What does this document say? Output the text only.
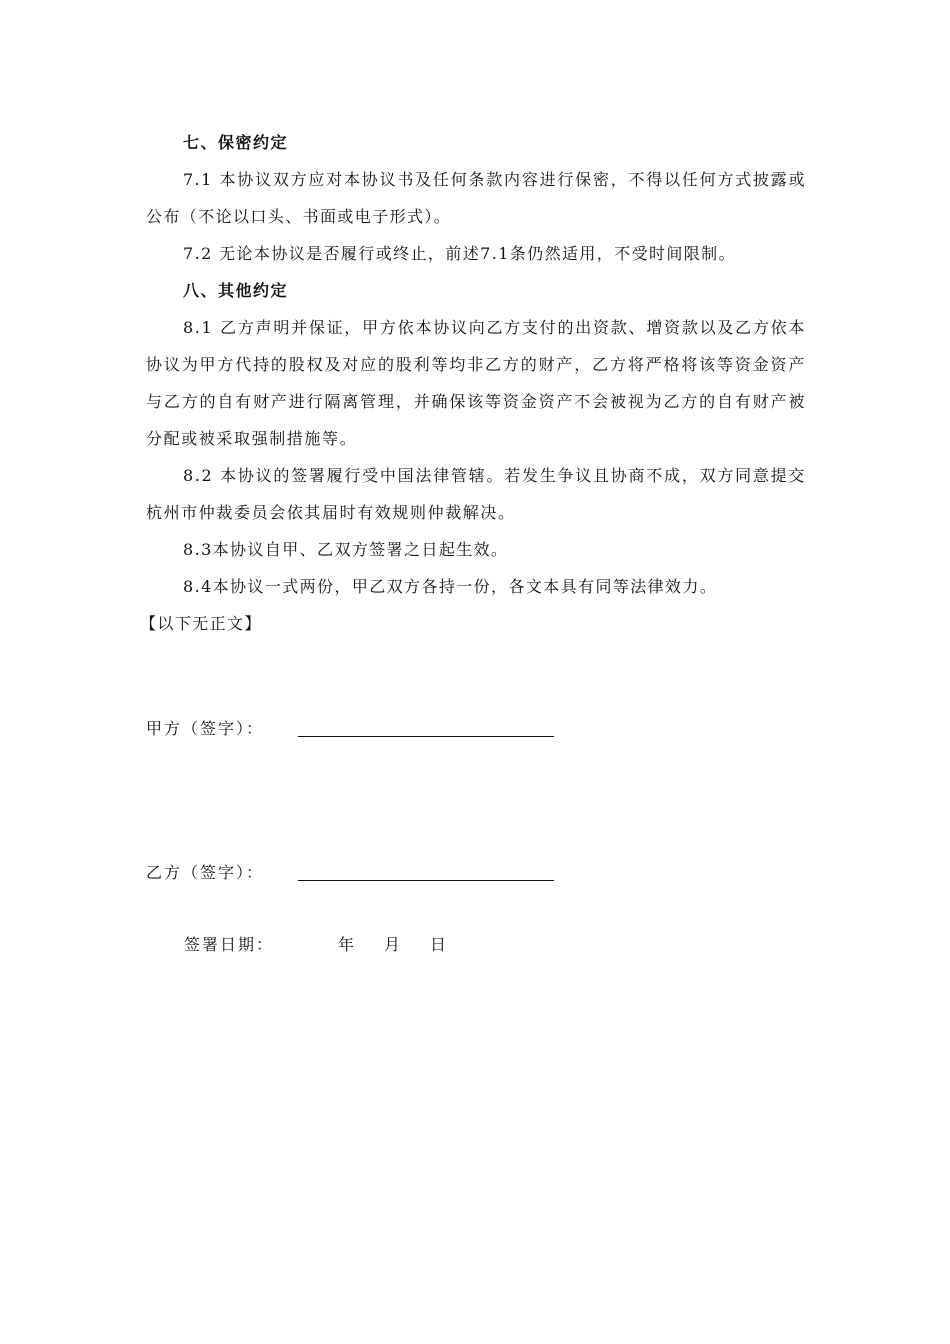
七、保密约定

7.1 本协议双方应对本协议书及任何条款内容进行保密，不得以任何方式披露或公布（不论以口头、书面或电子形式）。

7.2 无论本协议是否履行或终止，前述7.1条仍然适用，不受时间限制。

八、其他约定

8.1 乙方声明并保证，甲方依本协议向乙方支付的出资款、增资款以及乙方依本协议为甲方代持的股权及对应的股利等均非乙方的财产，乙方将严格将该等资金资产与乙方的自有财产进行隔离管理，并确保该等资金资产不会被视为乙方的自有财产被分配或被采取强制措施等。

8.2 本协议的签署履行受中国法律管辖。若发生争议且协商不成，双方同意提交杭州市仲裁委员会依其届时有效规则仲裁解决。

8.3本协议自甲、乙双方签署之日起生效。

8.4本协议一式两份，甲乙双方各持一份，各文本具有同等法律效力。

【以下无正文】
甲方（签字）：
乙方（签字）：
签署日期：	年 月 日
